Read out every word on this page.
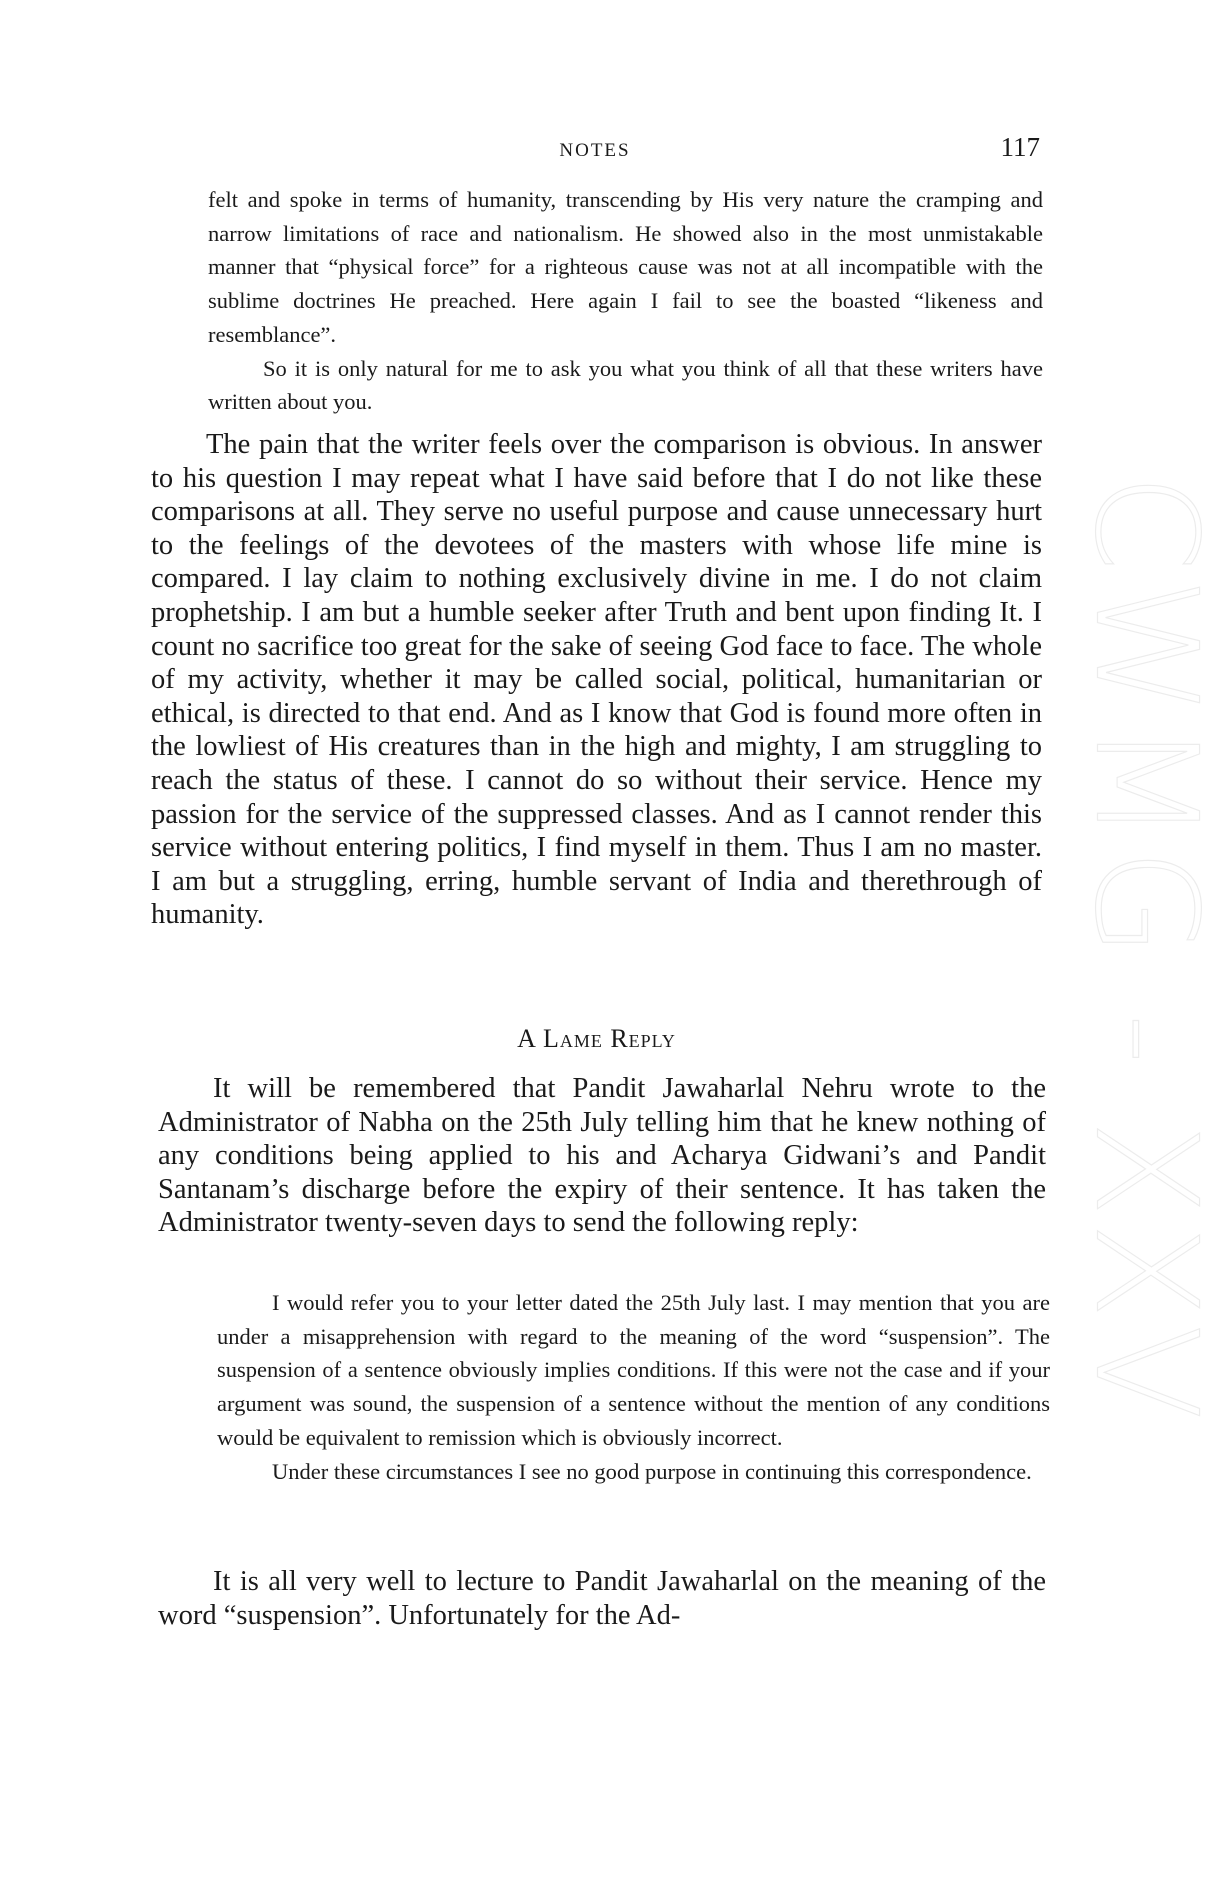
NOTES	117

felt and spoke in terms of humanity, transcending by His very nature the cramping and narrow limitations of race and nationalism. He showed also in the most unmistakable manner that “physical force” for a righteous cause was not at all incompatible with the sublime doctrines He preached. Here again I fail to see the boasted “likeness and resemblance”.

So it is only natural for me to ask you what you think of all that these writers have written about you.

The pain that the writer feels over the comparison is obvious. In answer to his question I may repeat what I have said before that I do not like these comparisons at all. They serve no useful purpose and cause unnecessary hurt to the feelings of the devotees of the masters with whose life mine is compared. I lay claim to nothing exclusively divine in me. I do not claim prophetship. I am but a humble seeker after Truth and bent upon finding It. I count no sacrifice too great for the sake of seeing God face to face. The whole of my activity, whether it may be called social, political, humanitarian or ethical, is directed to that end. And as I know that God is found more often in the lowliest of His creatures than in the high and mighty, I am struggling to reach the status of these. I cannot do so without their service. Hence my passion for the service of the suppressed classes. And as I cannot render this service without entering politics, I find myself in them. Thus I am no master. I am but a struggling, erring, humble servant of India and therethrough of humanity.

A Lame Reply

It will be remembered that Pandit Jawaharlal Nehru wrote to the Administrator of Nabha on the 25th July telling him that he knew nothing of any conditions being applied to his and Acharya Gidwani’s and Pandit Santanam’s discharge before the expiry of their sentence. It has taken the Administrator twenty-seven days to send the following reply:

I would refer you to your letter dated the 25th July last. I may mention that you are under a misapprehension with regard to the meaning of the word “suspension”. The suspension of a sentence obviously implies conditions. If this were not the case and if your argument was sound, the suspension of a sentence without the mention of any conditions would be equivalent to remission which is obviously incorrect.

Under these circumstances I see no good purpose in continuing this correspondence.

It is all very well to lecture to Pandit Jawaharlal on the meaning of the word “suspension”. Unfortunately for the Ad-

CWMG - XXV
